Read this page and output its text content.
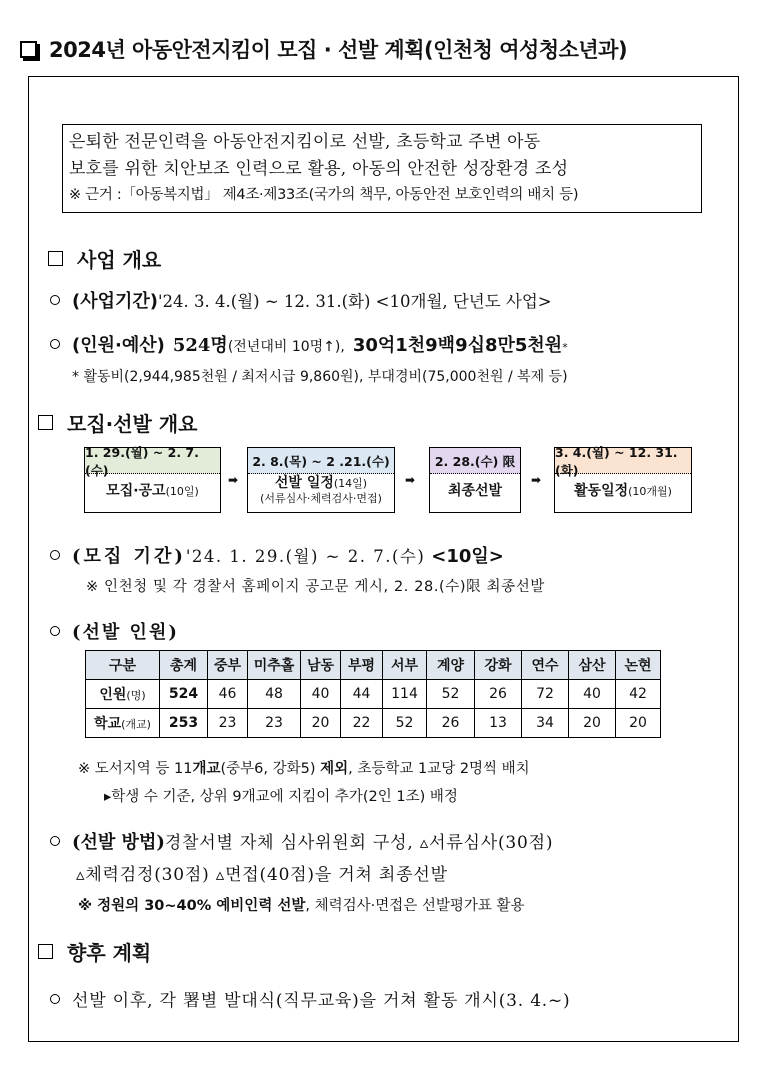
2024년 아동안전지킴이 모집 · 선발 계획(인천청 여성청소년과)
은퇴한 전문인력을 아동안전지킴이로 선발, 초등학교 주변 아동
보호를 위한 치안보조 인력으로 활용, 아동의 안전한 성장환경 조성
※ 근거 :「아동복지법」 제4조·제33조(국가의 책무, 아동안전 보호인력의 배치 등)
사업 개요
(사업기간) '24. 3. 4.(월) ~ 12. 31.(화) <10개월, 단년도 사업>
(인원·예산) 524명 (전년대비 10명↑), 30억1천9백9십8만5천원$_*$
* 활동비(2,944,985천원 / 최저시급 9,860원), 부대경비(75,000천원 / 복제 등)
모집·선발 개요
1. 29.(월) ~ 2. 7.(수)
모집·공고(10일)
➡
2. 8.(목) ~ 2 .21.(수)
선발 일정(14일)
(서류심사·체력검사·면접)
➡
2. 28.(수) 限
최종선발
➡
3. 4.(월) ~ 12. 31.(화)
활동일정(10개월)
(모집 기간) '24. 1. 29.(월) ~ 2. 7.(수) <10일>
※ 인천청 및 각 경찰서 홈페이지 공고문 게시, 2. 28.(수)限 최종선발
(선발 인원)
구분	총계	중부	미추홀	남동	부평	서부	계양	강화	연수	삼산	논현
인원(명)	524	46	48	40	44	114	52	26	72	40	42
학교(개교)	253	23	23	20	22	52	26	13	34	20	20
※ 도서지역 등 11개교(중부6, 강화5) 제외, 초등학교 1교당 2명씩 배치
▸학생 수 기준, 상위 9개교에 지킴이 추가(2인 1조) 배정
(선발 방법) 경찰서별 자체 심사위원회 구성, ▵서류심사(30점)
▵체력검정(30점) ▵면접(40점)을 거쳐 최종선발
※ 정원의 30~40% 예비인력 선발, 체력검사·면접은 선발평가표 활용
향후 계획
선발 이후, 각 署별 발대식(직무교육)을 거쳐 활동 개시(3. 4.~)
